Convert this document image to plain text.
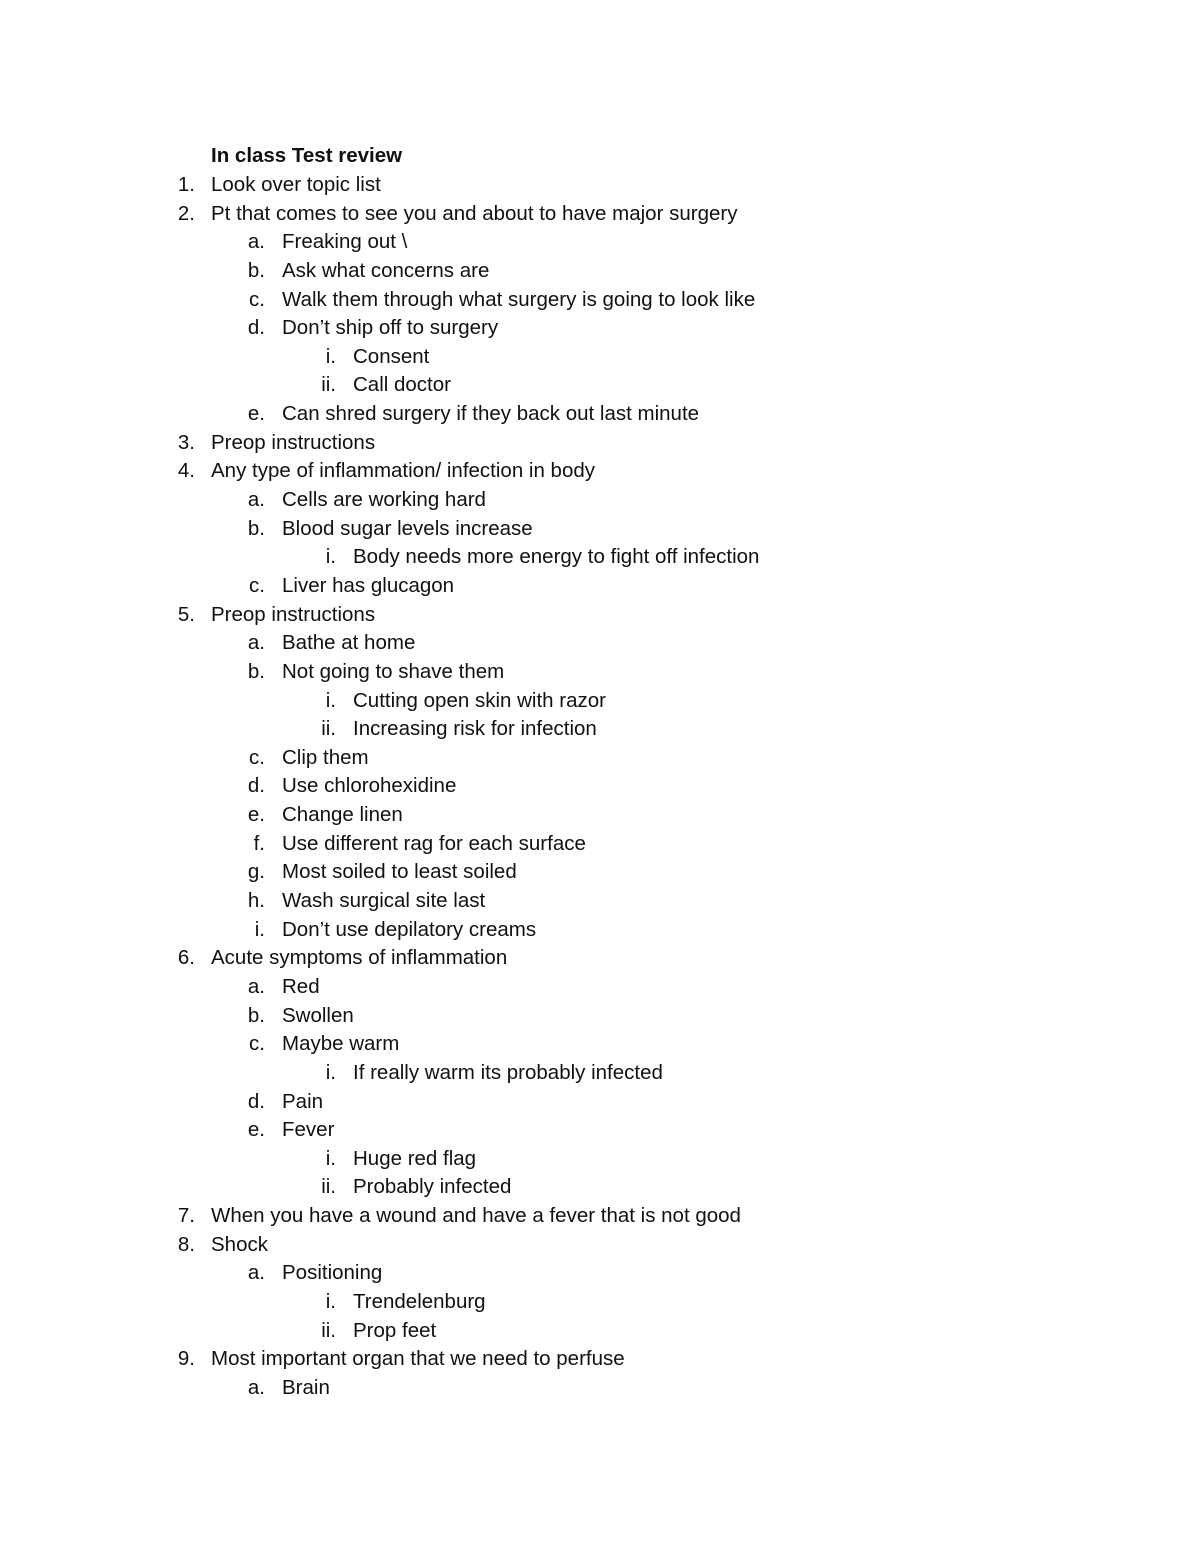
In class Test review
1. Look over topic list
2. Pt that comes to see you and about to have major surgery
a. Freaking out \
b. Ask what concerns are
c. Walk them through what surgery is going to look like
d. Don’t ship off to surgery
i. Consent
ii. Call doctor
e. Can shred surgery if they back out last minute
3. Preop instructions
4. Any type of inflammation/ infection in body
a. Cells are working hard
b. Blood sugar levels increase
i. Body needs more energy to fight off infection
c. Liver has glucagon
5. Preop instructions
a. Bathe at home
b. Not going to shave them
i. Cutting open skin with razor
ii. Increasing risk for infection
c. Clip them
d. Use chlorohexidine
e. Change linen
f. Use different rag for each surface
g. Most soiled to least soiled
h. Wash surgical site last
i. Don’t use depilatory creams
6. Acute symptoms of inflammation
a. Red
b. Swollen
c. Maybe warm
i. If really warm its probably infected
d. Pain
e. Fever
i. Huge red flag
ii. Probably infected
7. When you have a wound and have a fever that is not good
8. Shock
a. Positioning
i. Trendelenburg
ii. Prop feet
9. Most important organ that we need to perfuse
a. Brain
